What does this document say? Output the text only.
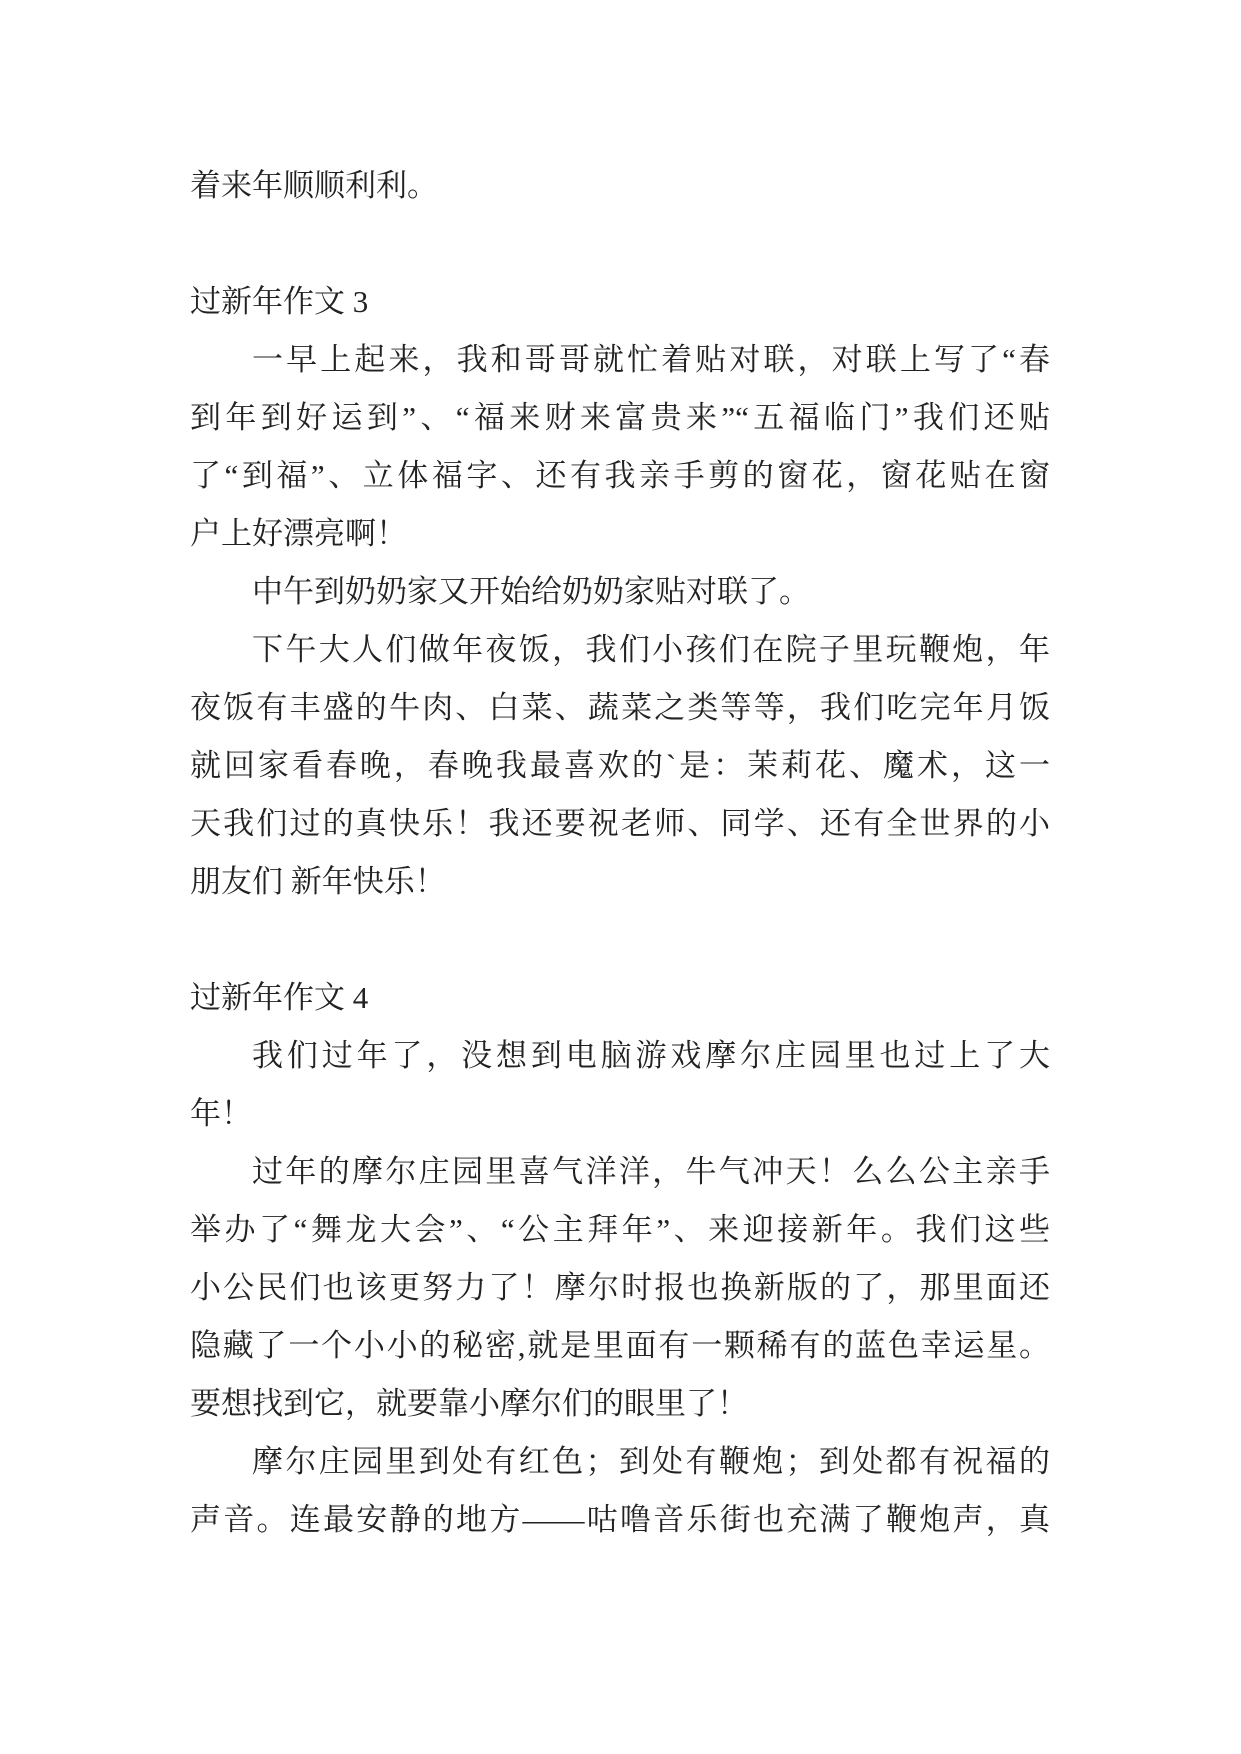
着来年顺顺利利。
过新年作文 3
一早上起来，我和哥哥就忙着贴对联，对联上写了“春
到年到好运到”、“福来财来富贵来”“五福临门”我们还贴
了“到福”、立体福字、还有我亲手剪的窗花，窗花贴在窗
户上好漂亮啊！
中午到奶奶家又开始给奶奶家贴对联了。
下午大人们做年夜饭，我们小孩们在院子里玩鞭炮，年
夜饭有丰盛的牛肉、白菜、蔬菜之类等等，我们吃完年月饭
就回家看春晚，春晚我最喜欢的`是：茉莉花、魔术，这一
天我们过的真快乐！我还要祝老师、同学、还有全世界的小
朋友们 新年快乐！
过新年作文 4
我们过年了，没想到电脑游戏摩尔庄园里也过上了大
年！
过年的摩尔庄园里喜气洋洋，牛气冲天！么么公主亲手
举办了“舞龙大会”、“公主拜年”、来迎接新年。我们这些
小公民们也该更努力了！摩尔时报也换新版的了，那里面还
隐藏了一个小小的秘密,就是里面有一颗稀有的蓝色幸运星。
要想找到它，就要靠小摩尔们的眼里了！
摩尔庄园里到处有红色；到处有鞭炮；到处都有祝福的
声音。连最安静的地方——咕噜音乐街也充满了鞭炮声，真
